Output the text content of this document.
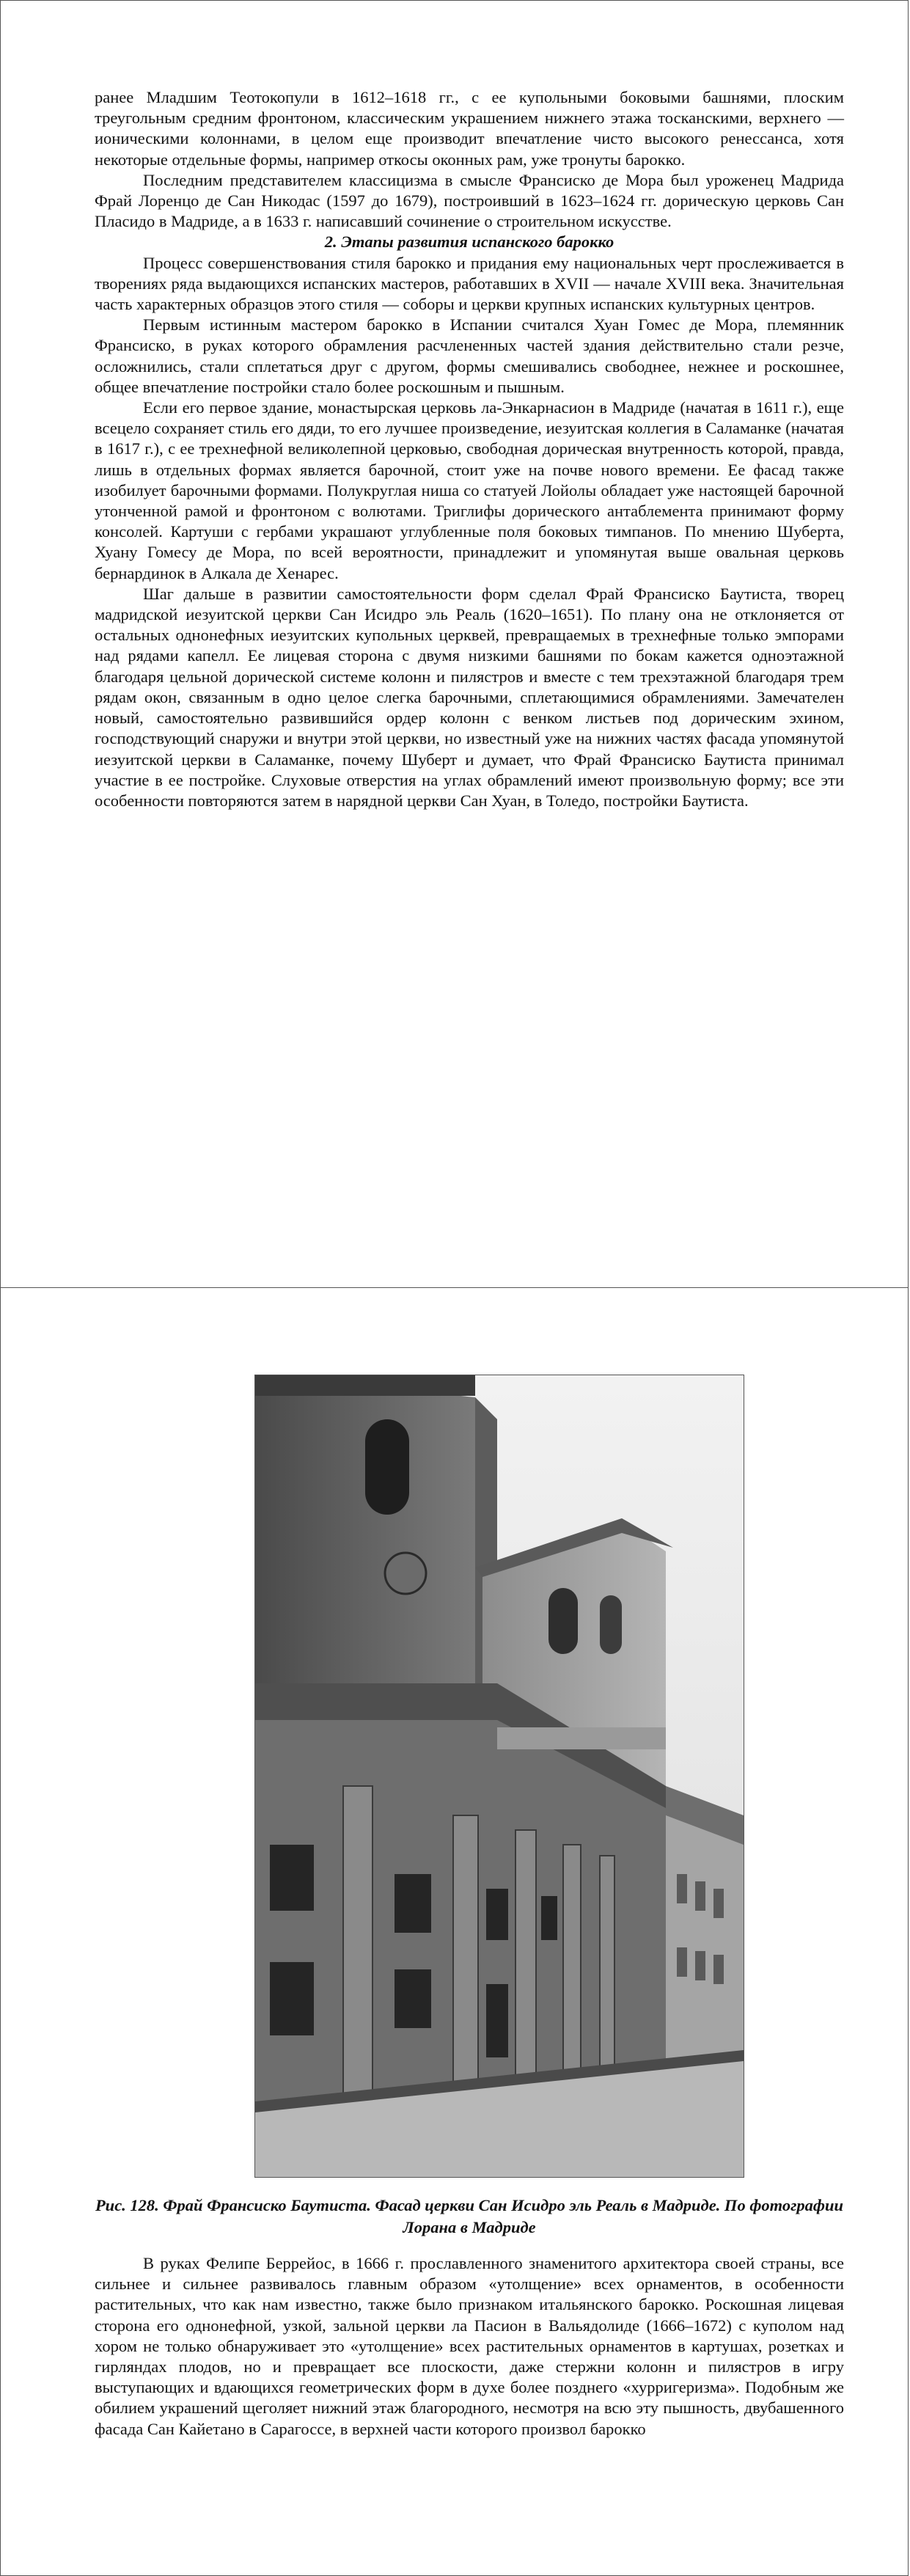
ранее Младшим Теотокопули в 1612–1618 гг., с ее купольными боковыми башнями, плоским треугольным средним фронтоном, классическим украшением нижнего этажа тосканскими, верхнего — ионическими колоннами, в целом еще производит впечатление чисто высокого ренессанса, хотя некоторые отдельные формы, например откосы оконных рам, уже тронуты барокко.

Последним представителем классицизма в смысле Франсиско де Мора был уроженец Мадрида Фрай Лоренцо де Сан Никодас (1597 до 1679), построивший в 1623–1624 гг. дорическую церковь Сан Пласидо в Мадриде, а в 1633 г. написавший сочинение о строительном искусстве.

2. Этапы развития испанского барокко

Процесс совершенствования стиля барокко и придания ему национальных черт прослеживается в творениях ряда выдающихся испанских мастеров, работавших в XVII — начале XVIII века. Значительная часть характерных образцов этого стиля — соборы и церкви крупных испанских культурных центров.

Первым истинным мастером барокко в Испании считался Хуан Гомес де Мора, племянник Франсиско, в руках которого обрамления расчлененных частей здания действительно стали резче, осложнились, стали сплетаться друг с другом, формы смешивались свободнее, нежнее и роскошнее, общее впечатление постройки стало более роскошным и пышным.

Если его первое здание, монастырская церковь ла-Энкарнасион в Мадриде (начатая в 1611 г.), еще всецело сохраняет стиль его дяди, то его лучшее произведение, иезуитская коллегия в Саламанке (начатая в 1617 г.), с ее трехнефной великолепной церковью, свободная дорическая внутренность которой, правда, лишь в отдельных формах является барочной, стоит уже на почве нового времени. Ее фасад также изобилует барочными формами. Полукруглая ниша со статуей Лойолы обладает уже настоящей барочной утонченной рамой и фронтоном с волютами. Триглифы дорического антаблемента принимают форму консолей. Картуши с гербами украшают углубленные поля боковых тимпанов. По мнению Шуберта, Хуану Гомесу де Мора, по всей вероятности, принадлежит и упомянутая выше овальная церковь бернардинок в Алкала де Хенарес.

Шаг дальше в развитии самостоятельности форм сделал Фрай Франсиско Баутиста, творец мадридской иезуитской церкви Сан Исидро эль Реаль (1620–1651). По плану она не отклоняется от остальных однонефных иезуитских купольных церквей, превращаемых в трехнефные только эмпорами над рядами капелл. Ее лицевая сторона с двумя низкими башнями по бокам кажется одноэтажной благодаря цельной дорической системе колонн и пилястров и вместе с тем трехэтажной благодаря трем рядам окон, связанным в одно целое слегка барочными, сплетающимися обрамлениями. Замечателен новый, самостоятельно развившийся ордер колонн с венком листьев под дорическим эхином, господствующий снаружи и внутри этой церкви, но известный уже на нижних частях фасада упомянутой иезуитской церкви в Саламанке, почему Шуберт и думает, что Фрай Франсиско Баутиста принимал участие в ее постройке. Слуховые отверстия на углах обрамлений имеют произвольную форму; все эти особенности повторяются затем в нарядной церкви Сан Хуан, в Толедо, постройки Баутиста.

Рис. 128. Фрай Франсиско Баутиста. Фасад церкви Сан Исидро эль Реаль в Мадриде. По фотографии Лорана в Мадриде

В руках Фелипе Беррейос, в 1666 г. прославленного знаменитого архитектора своей страны, все сильнее и сильнее развивалось главным образом «утолщение» всех орнаментов, в особенности растительных, что как нам известно, также было признаком итальянского барокко. Роскошная лицевая сторона его однонефной, узкой, зальной церкви ла Пасион в Вальядолиде (1666–1672) с куполом над хором не только обнаруживает это «утолщение» всех растительных орнаментов в картушах, розетках и гирляндах плодов, но и превращает все плоскости, даже стержни колонн и пилястров в игру выступающих и вдающихся геометрических форм в духе более позднего «хурригеризма». Подобным же обилием украшений щеголяет нижний этаж благородного, несмотря на всю эту пышность, двубашенного фасада Сан Кайетано в Сарагоссе, в верхней части которого произвол барокко
